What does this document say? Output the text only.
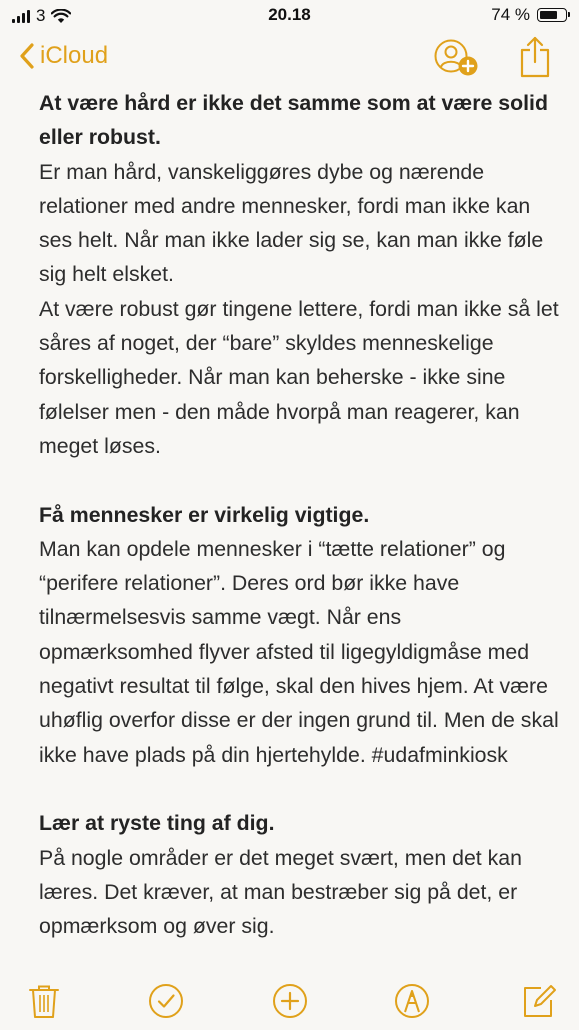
3	20.18	74 %
iCloud

At være hård er ikke det samme som at være solid eller robust.

Er man hård, vanskeliggøres dybe og nærende relationer med andre mennesker, fordi man ikke kan ses helt. Når man ikke lader sig se, kan man ikke føle sig helt elsket.

At være robust gør tingene lettere, fordi man ikke så let såres af noget, der “bare” skyldes menneskelige forskelligheder. Når man kan beherske - ikke sine følelser men - den måde hvorpå man reagerer, kan meget løses.

Få mennesker er virkelig vigtige.

Man kan opdele mennesker i “tætte relationer” og “perifere relationer”. Deres ord bør ikke have tilnærmelsesvis samme vægt. Når ens opmærksomhed flyver afsted til ligegyldigmåse med negativt resultat til følge, skal den hives hjem. At være uhøflig overfor disse er der ingen grund til. Men de skal ikke have plads på din hjertehylde. #udafminkiosk

Lær at ryste ting af dig.

På nogle områder er det meget svært, men det kan læres. Det kræver, at man bestræber sig på det, er opmærksom og øver sig.
